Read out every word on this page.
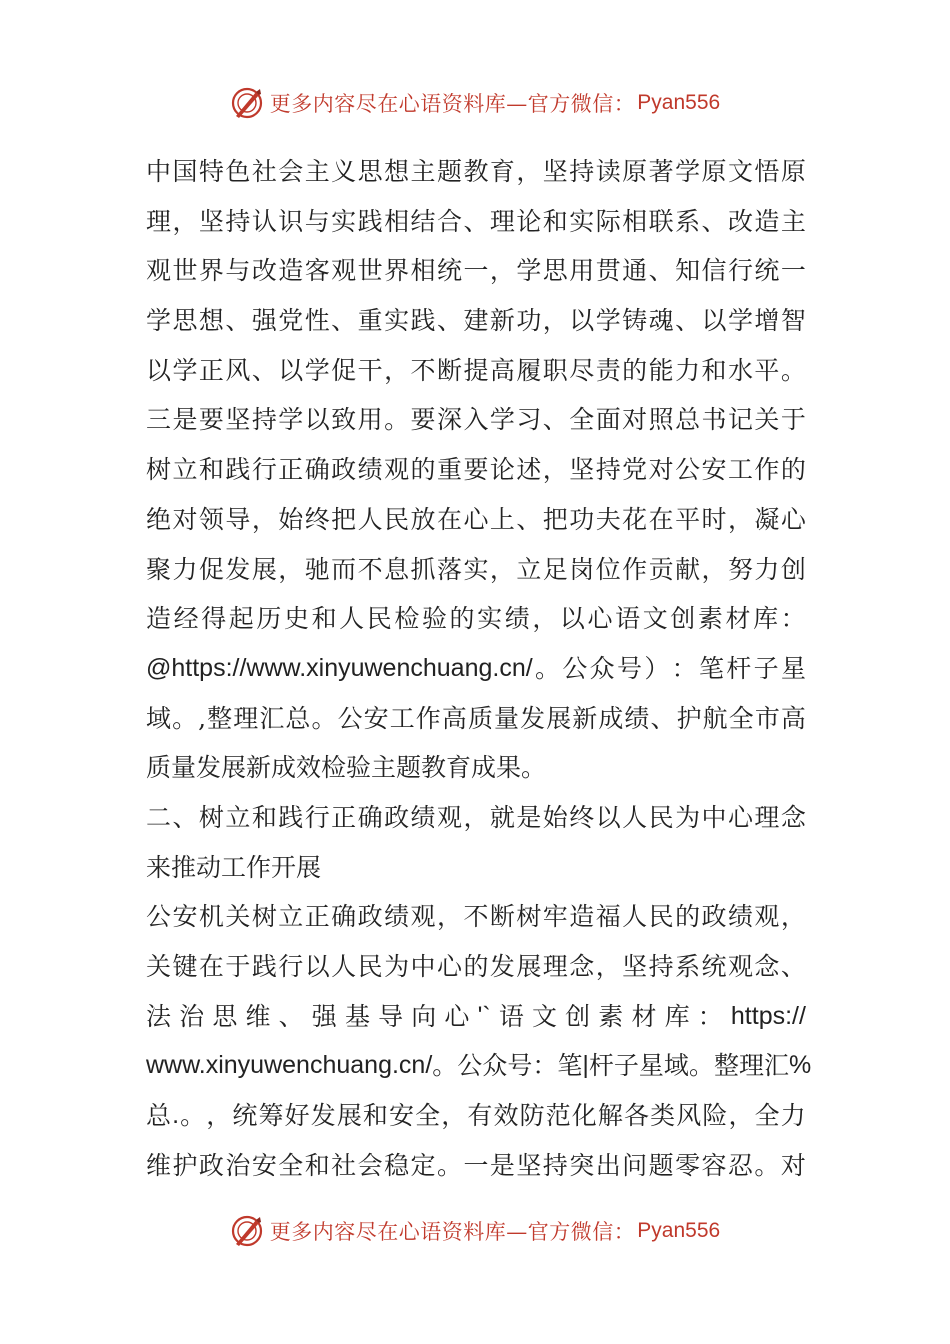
更多内容尽在心语资料库—官方微信： Pyan556
中 国 特 色 社 会 主 义 思 想 主 题 教 育 ， 坚 持 读 原 著 学 原 文 悟 原
理 ， 坚 持 认 识 与 实 践 相 结 合 、 理 论 和 实 际 相 联 系 、 改 造 主
观 世 界 与 改 造 客 观 世 界 相 统 一 ， 学 思 用 贯 通 、 知 信 行 统 一
学 思 想 、 强 党 性 、 重 实 践 、 建 新 功 ， 以 学 铸 魂 、 以 学 增 智
以 学 正 风 、 以 学 促 干 ， 不 断 提 高 履 职 尽 责 的 能 力 和 水 平 。
三 是 要 坚 持 学 以 致 用 。 要 深 入 学 习 、 全 面 对 照 总 书 记 关 于
树 立 和 践 行 正 确 政 绩 观 的 重 要 论 述 ， 坚 持 党 对 公 安 工 作 的
绝 对 领 导 ， 始 终 把 人 民 放 在 心 上 、 把 功 夫 花 在 平 时 ， 凝 心
聚 力 促 发 展 ， 驰 而 不 息 抓 落 实 ， 立 足 岗 位 作 贡 献 ， 努 力 创
造 经 得 起 历 史 和 人 民 检 验 的 实 绩 ， 以 心 语 文 创 素 材 库 ：
@https://www.xinyuwenchuang.cn/ 。 公 众 号 ） ： 笔 杆 子 星
域 。 , 整 理 汇 总 。 公 安 工 作 高 质 量 发 展 新 成 绩 、 护 航 全 市 高
质量发展新成效检验主题教育成果。
二 、 树 立 和 践 行 正 确 政 绩 观 ， 就 是 始 终 以 人 民 为 中 心 理 念
来推动工作开展
公 安 机 关 树 立 正 确 政 绩 观 ， 不 断 树 牢 造 福 人 民 的 政 绩 观 ，
关 键 在 于 践 行 以 人 民 为 中 心 的 发 展 理 念 ， 坚 持 系 统 观 念 、
法 治 思 维 、 强 基 导 向 心 '` 语 文 创 素 材 库 ： https://
www.xinyuwenchuang.cn/ 。 公 众 号 ： 笔 | 杆 子 星 域 。 整 理 汇 %
总 . 。 ， 统 筹 好 发 展 和 安 全 ， 有 效 防 范 化 解 各 类 风 险 ， 全 力
维 护 政 治 安 全 和 社 会 稳 定 。 一 是 坚 持 突 出 问 题 零 容 忍 。 对
更多内容尽在心语资料库—官方微信： Pyan556
